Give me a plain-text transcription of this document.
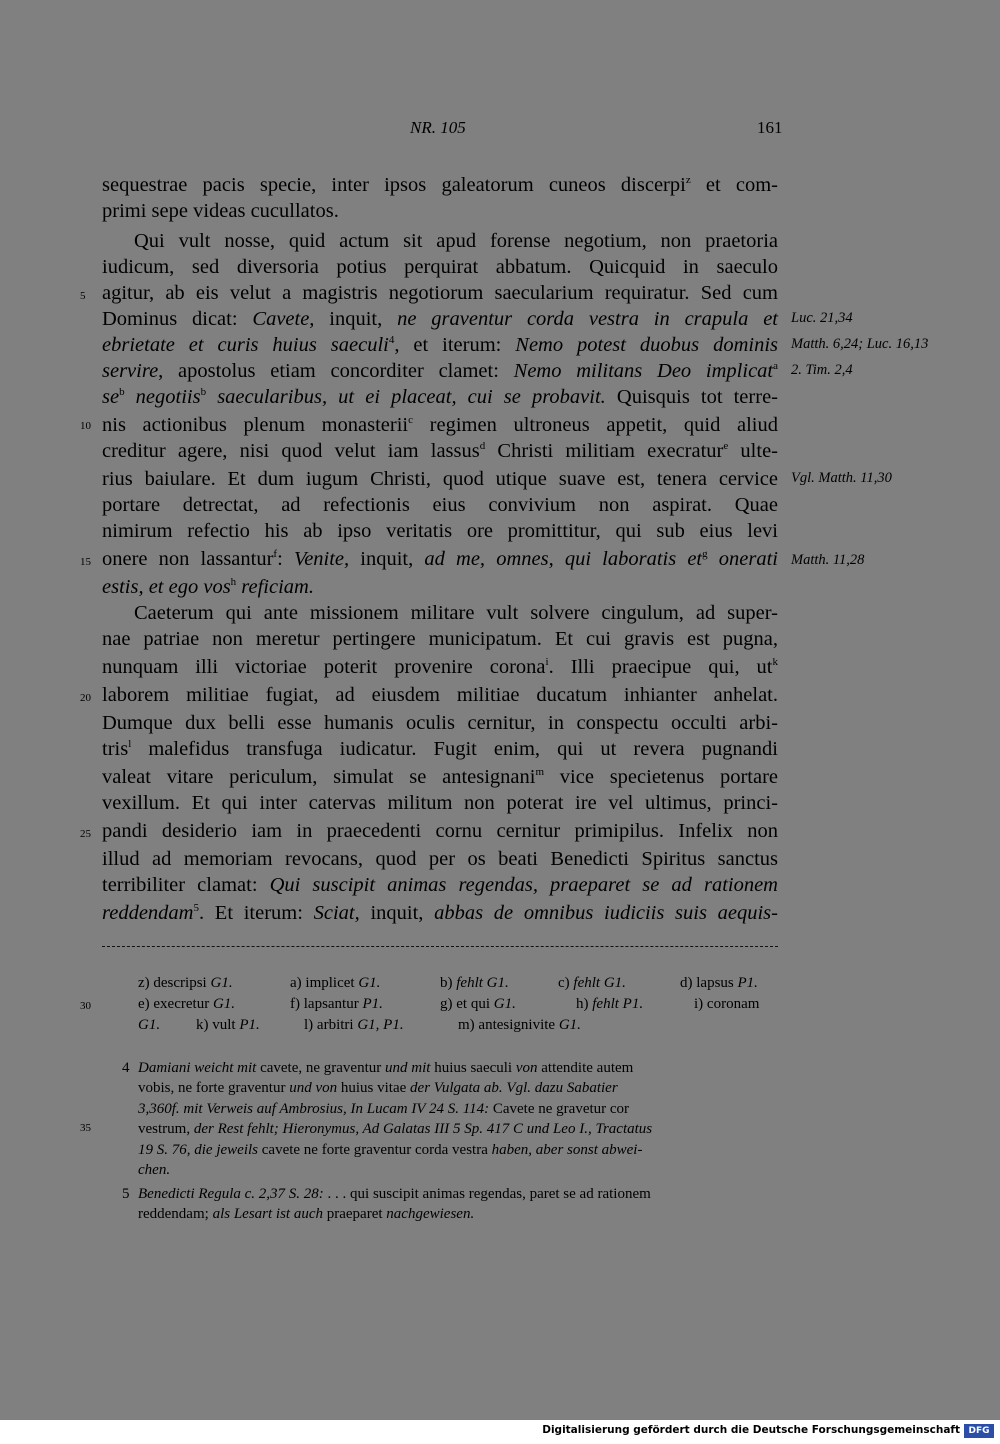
NR. 105	161
sequestrae pacis specie, inter ipsos galeatorum cuneos discerpi$^z$ et com-
primi sepe videas cucullatos.
Qui vult nosse, quid actum sit apud forense negotium, non praetoria
iudicum, sed diversoria potius perquirat abbatum. Quicquid in saeculo
agitur, ab eis velut a magistris negotiorum saecularium requiratur. Sed cum
Dominus dicat: Cavete, inquit, ne graventur corda vestra in crapula et
ebrietate et curis huius saeculi$^4$, et iterum: Nemo potest duobus dominis
servire, apostolus etiam concorditer clamet: Nemo militans Deo implicat$^a$
$se^b$ negotiis$^b$ saecularibus, ut ei placeat, cui se probavit. Quisquis tot terre-
nis actionibus plenum monasterii$^c$ regimen ultroneus appetit, quid aliud
creditur agere, nisi quod velut iam lassus$^d$ Christi militiam execratur$^e$ ulte-
rius baiulare. Et dum iugum Christi, quod utique suave est, tenera cervice
portare detrectat, ad refectionis eius convivium non aspirat. Quae
nimirum refectio his ab ipso veritatis ore promittitur, qui sub eius levi
onere non lassantur$^f$: Venite, inquit, ad me, omnes, qui laboratis $et^g$ onerati
estis, et ego vos$^h$ reficiam.
Caeterum qui ante missionem militare vult solvere cingulum, ad super-
nae patriae non meretur pertingere municipatum. Et cui gravis est pugna,
nunquam illi victoriae poterit provenire corona$^i$. Illi praecipue qui, $ut^k$
laborem militiae fugiat, ad eiusdem militiae ducatum inhianter anhelat.
Dumque dux belli esse humanis oculis cernitur, in conspectu occulti arbi-
tris$^l$ malefidus transfuga iudicatur. Fugit enim, qui ut revera pugnandi
valeat vitare periculum, simulat se antesignani$^m$ vice specietenus portare
vexillum. Et qui inter catervas militum non poterat ire vel ultimus, princi-
pandi desiderio iam in praecedenti cornu cernitur primipilus. Infelix non
illud ad memoriam revocans, quod per os beati Benedicti Spiritus sanctus
terribiliter clamat: Qui suscipit animas regendas, praeparet se ad rationem
reddendam$^5$. Et iterum: Sciat, inquit, abbas de omnibus iudiciis suis aequis-
5
10
15
20
25
30
35
Luc. 21,34
Matth. 6,24; Luc. 16,13
2. Tim. 2,4
Vgl. Matth. 11,30
Matth. 11,28
z) descripsi G1.	a) implicet G1.	b) fehlt G1.	c) fehlt G1.	d) lapsus P1.
e) execretur G1.	f) lapsantur P1.	g) et qui G1.	h) fehlt P1.	i) coronam
G1. k) vult P1.	l) arbitri G1, P1.	m) antesignivite G1.
4 Damiani weicht mit cavete, ne graventur und mit huius saeculi von attendite autem
vobis, ne forte graventur und von huius vitae der Vulgata ab. Vgl. dazu Sabatier
3,360f. mit Verweis auf Ambrosius, In Lucam IV 24 S. 114: Cavete ne gravetur cor
vestrum, der Rest fehlt; Hieronymus, Ad Galatas III 5 Sp. 417 C und Leo I., Tractatus
19 S. 76, die jeweils cavete ne forte graventur corda vestra haben, aber sonst abwei-
chen.
5 Benedicti Regula c. 2,37 S. 28: . . . qui suscipit animas regendas, paret se ad rationem
reddendam; als Lesart ist auch praeparet nachgewiesen.
Digitalisierung gefördert durch die Deutsche Forschungsgemeinschaft DFG
